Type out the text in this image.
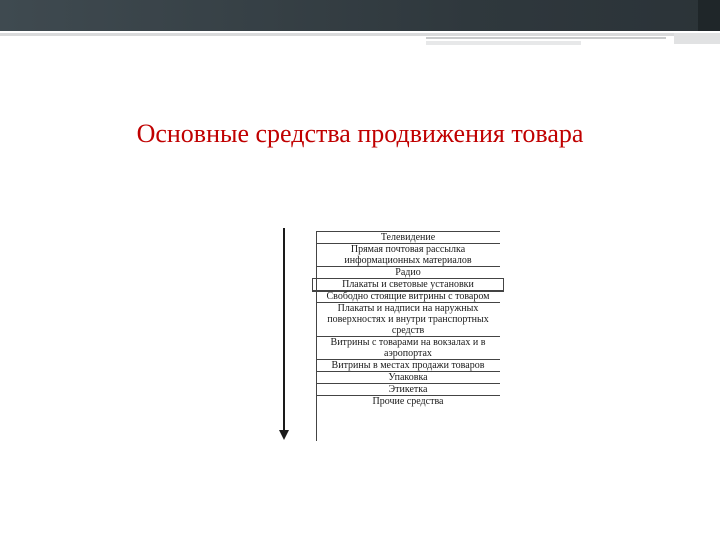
Основные средства продвижения товара
Телевидение
Прямая почтовая рассылка информационных материалов
Радио
Плакаты и световые установки
Свободно стоящие витрины с товаром
Плакаты и надписи на наружных поверхностях и внутри транспортных средств
Витрины с товарами на вокзалах и в аэропортах
Витрины в местах продажи товаров
Упаковка
Этикетка
Прочие средства
